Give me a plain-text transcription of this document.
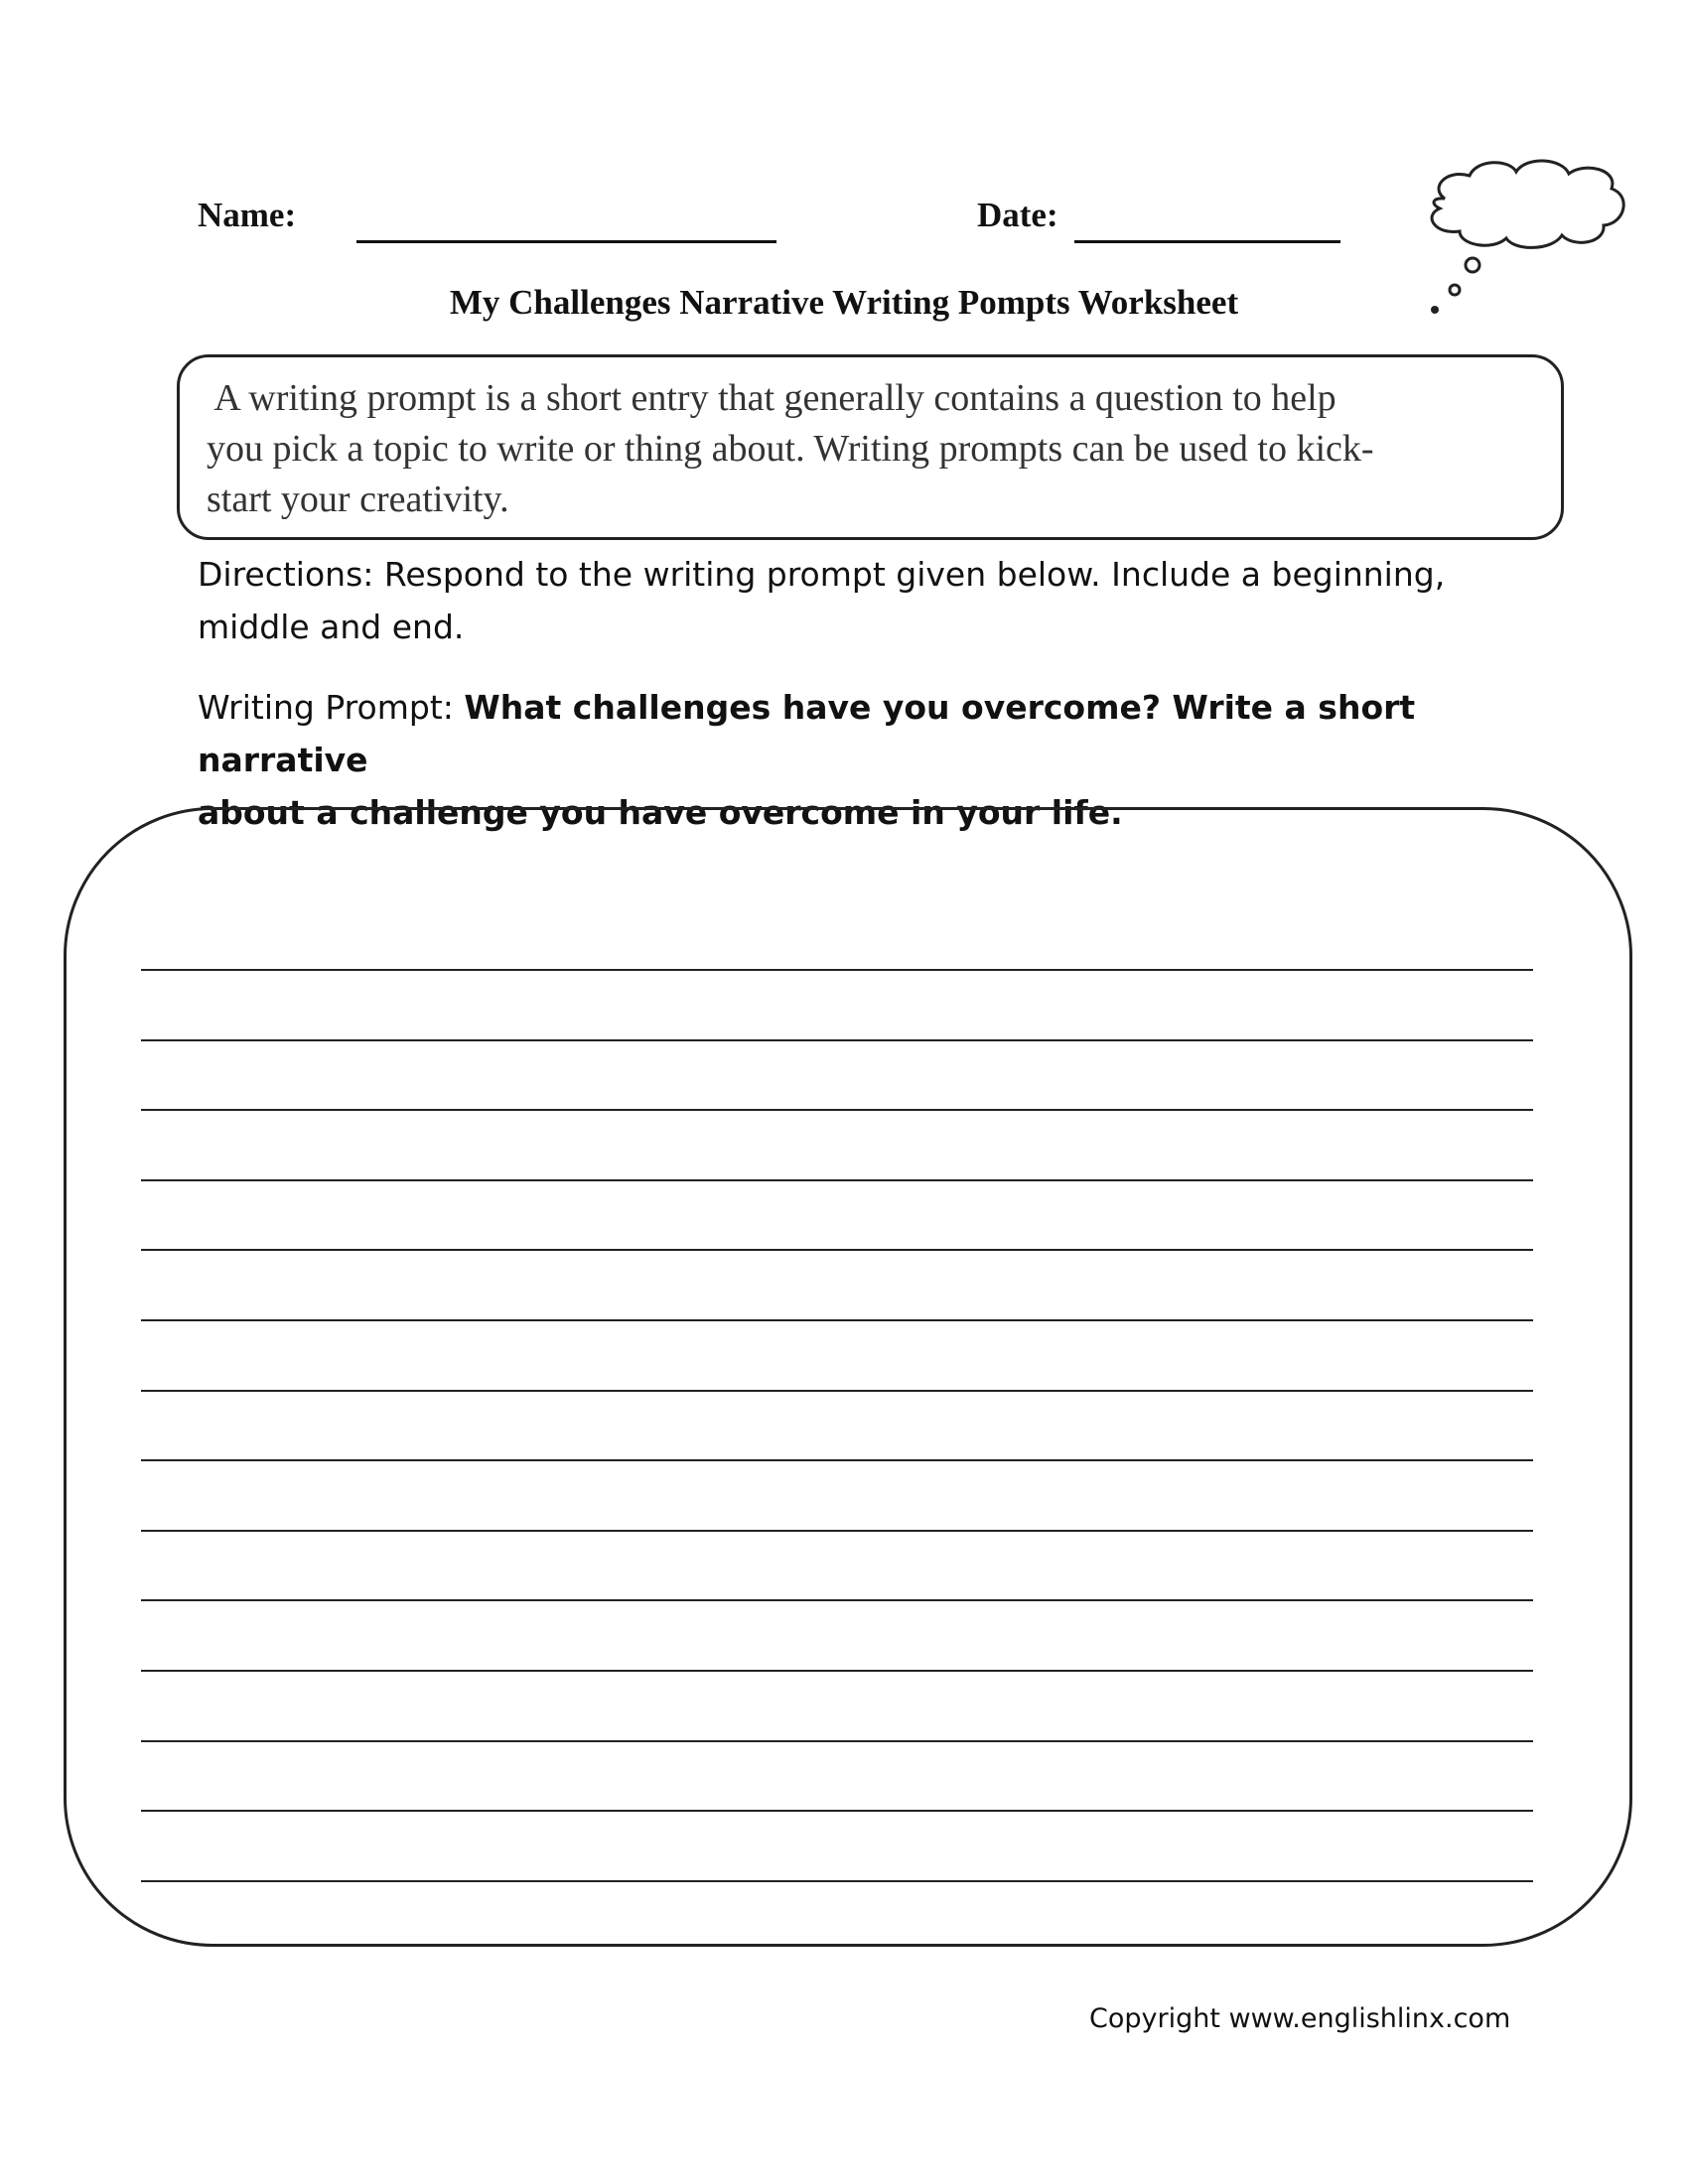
Name:	Date:
My Challenges Narrative Writing Pompts Worksheet
A writing prompt is a short entry that generally contains a question to help
you pick a topic to write or thing about. Writing prompts can be used to kick-
start your creativity.
Directions: Respond to the writing prompt given below. Include a beginning,
middle and end.
Writing Prompt: What challenges have you overcome? Write a short narrative
about a challenge you have overcome in your life.
Copyright www.englishlinx.com
